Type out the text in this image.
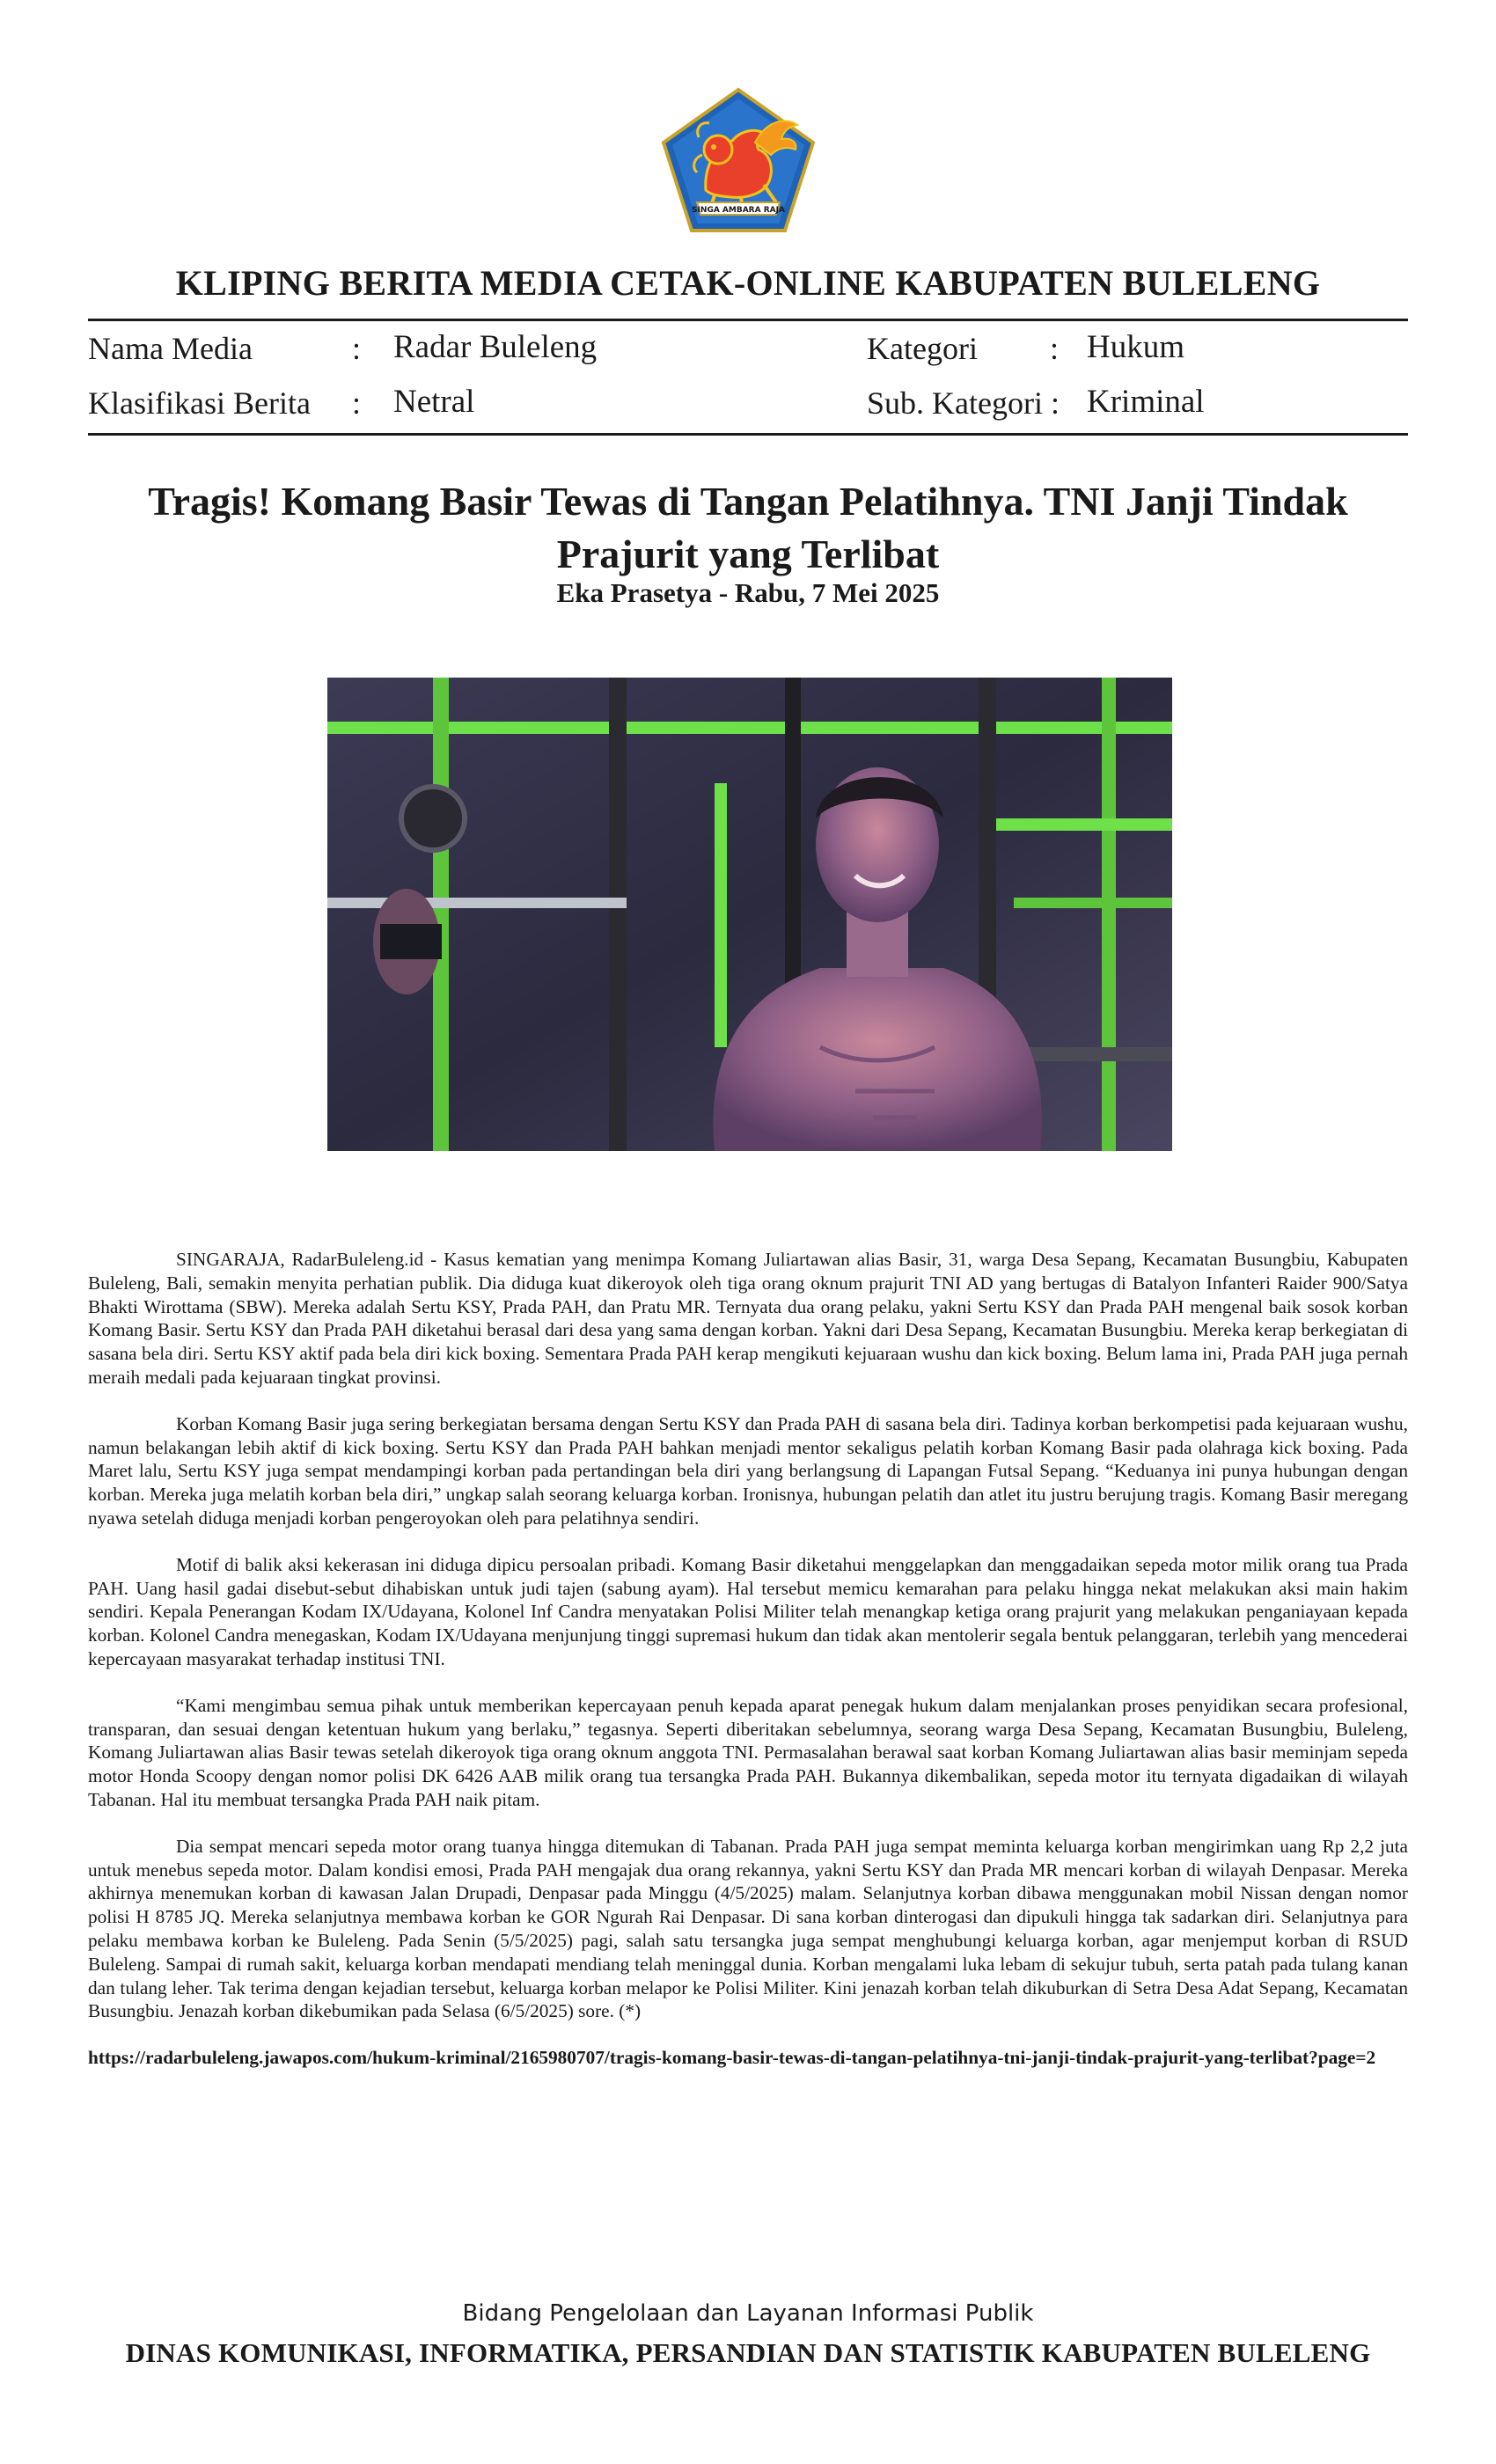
SINGA AMBARA RAJA
KLIPING BERITA MEDIA CETAK-ONLINE KABUPATEN BULELENG
Nama Media	: Radar Buleleng
Klasifikasi Berita : Netral
Kategori : Hukum
Sub. Kategori : Kriminal
Tragis! Komang Basir Tewas di Tangan Pelatihnya. TNI Janji Tindak Prajurit yang Terlibat
Eka Prasetya - Rabu, 7 Mei 2025

SINGARAJA, RadarBuleleng.id - Kasus kematian yang menimpa Komang Juliartawan alias Basir, 31, warga Desa Sepang, Kecamatan Busungbiu, Kabupaten Buleleng, Bali, semakin menyita perhatian publik. Dia diduga kuat dikeroyok oleh tiga orang oknum prajurit TNI AD yang bertugas di Batalyon Infanteri Raider 900/Satya Bhakti Wirottama (SBW). Mereka adalah Sertu KSY, Prada PAH, dan Pratu MR. Ternyata dua orang pelaku, yakni Sertu KSY dan Prada PAH mengenal baik sosok korban Komang Basir. Sertu KSY dan Prada PAH diketahui berasal dari desa yang sama dengan korban. Yakni dari Desa Sepang, Kecamatan Busungbiu. Mereka kerap berkegiatan di sasana bela diri. Sertu KSY aktif pada bela diri kick boxing. Sementara Prada PAH kerap mengikuti kejuaraan wushu dan kick boxing. Belum lama ini, Prada PAH juga pernah meraih medali pada kejuaraan tingkat provinsi.

Korban Komang Basir juga sering berkegiatan bersama dengan Sertu KSY dan Prada PAH di sasana bela diri. Tadinya korban berkompetisi pada kejuaraan wushu, namun belakangan lebih aktif di kick boxing. Sertu KSY dan Prada PAH bahkan menjadi mentor sekaligus pelatih korban Komang Basir pada olahraga kick boxing. Pada Maret lalu, Sertu KSY juga sempat mendampingi korban pada pertandingan bela diri yang berlangsung di Lapangan Futsal Sepang. “Keduanya ini punya hubungan dengan korban. Mereka juga melatih korban bela diri,” ungkap salah seorang keluarga korban. Ironisnya, hubungan pelatih dan atlet itu justru berujung tragis. Komang Basir meregang nyawa setelah diduga menjadi korban pengeroyokan oleh para pelatihnya sendiri.

Motif di balik aksi kekerasan ini diduga dipicu persoalan pribadi. Komang Basir diketahui menggelapkan dan menggadaikan sepeda motor milik orang tua Prada PAH. Uang hasil gadai disebut-sebut dihabiskan untuk judi tajen (sabung ayam). Hal tersebut memicu kemarahan para pelaku hingga nekat melakukan aksi main hakim sendiri. Kepala Penerangan Kodam IX/Udayana, Kolonel Inf Candra menyatakan Polisi Militer telah menangkap ketiga orang prajurit yang melakukan penganiayaan kepada korban. Kolonel Candra menegaskan, Kodam IX/Udayana menjunjung tinggi supremasi hukum dan tidak akan mentolerir segala bentuk pelanggaran, terlebih yang mencederai kepercayaan masyarakat terhadap institusi TNI.

“Kami mengimbau semua pihak untuk memberikan kepercayaan penuh kepada aparat penegak hukum dalam menjalankan proses penyidikan secara profesional, transparan, dan sesuai dengan ketentuan hukum yang berlaku,” tegasnya. Seperti diberitakan sebelumnya, seorang warga Desa Sepang, Kecamatan Busungbiu, Buleleng, Komang Juliartawan alias Basir tewas setelah dikeroyok tiga orang oknum anggota TNI. Permasalahan berawal saat korban Komang Juliartawan alias basir meminjam sepeda motor Honda Scoopy dengan nomor polisi DK 6426 AAB milik orang tua tersangka Prada PAH. Bukannya dikembalikan, sepeda motor itu ternyata digadaikan di wilayah Tabanan. Hal itu membuat tersangka Prada PAH naik pitam.

Dia sempat mencari sepeda motor orang tuanya hingga ditemukan di Tabanan. Prada PAH juga sempat meminta keluarga korban mengirimkan uang Rp 2,2 juta untuk menebus sepeda motor. Dalam kondisi emosi, Prada PAH mengajak dua orang rekannya, yakni Sertu KSY dan Prada MR mencari korban di wilayah Denpasar. Mereka akhirnya menemukan korban di kawasan Jalan Drupadi, Denpasar pada Minggu (4/5/2025) malam. Selanjutnya korban dibawa menggunakan mobil Nissan dengan nomor polisi H 8785 JQ. Mereka selanjutnya membawa korban ke GOR Ngurah Rai Denpasar. Di sana korban dinterogasi dan dipukuli hingga tak sadarkan diri. Selanjutnya para pelaku membawa korban ke Buleleng. Pada Senin (5/5/2025) pagi, salah satu tersangka juga sempat menghubungi keluarga korban, agar menjemput korban di RSUD Buleleng. Sampai di rumah sakit, keluarga korban mendapati mendiang telah meninggal dunia. Korban mengalami luka lebam di sekujur tubuh, serta patah pada tulang kanan dan tulang leher. Tak terima dengan kejadian tersebut, keluarga korban melapor ke Polisi Militer. Kini jenazah korban telah dikuburkan di Setra Desa Adat Sepang, Kecamatan Busungbiu. Jenazah korban dikebumikan pada Selasa (6/5/2025) sore. (*)

https://radarbuleleng.jawapos.com/hukum-kriminal/2165980707/tragis-komang-basir-tewas-di-tangan-pelatihnya-tni-janji-tindak-prajurit-yang-terlibat?page=2

Bidang Pengelolaan dan Layanan Informasi Publik
DINAS KOMUNIKASI, INFORMATIKA, PERSANDIAN DAN STATISTIK KABUPATEN BULELENG
